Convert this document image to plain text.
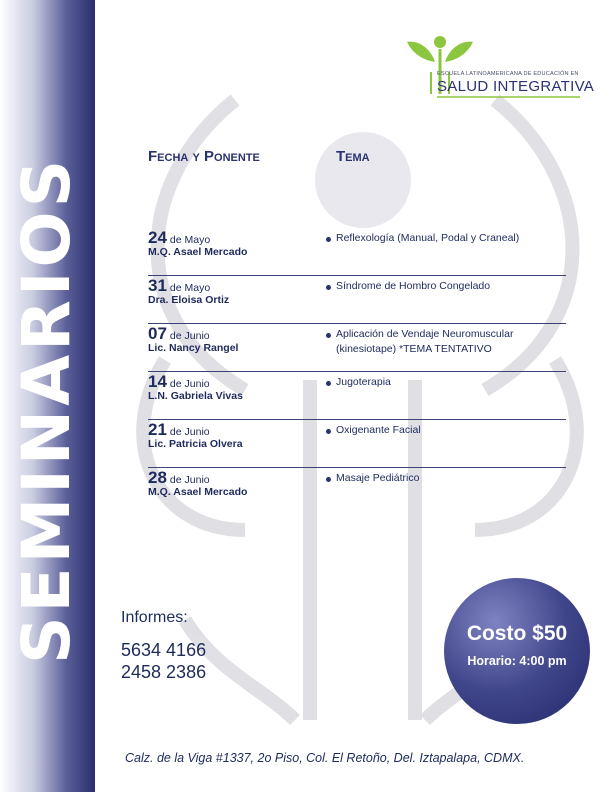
SEMINARIOS
ESCUELA LATINOAMERICANA DE EDUCACIÓN EN
SALUD INTEGRATIVA
Fecha y Ponente	Tema
24 de Mayo
M.Q. Asael Mercado
Reflexología (Manual, Podal y Craneal)
31 de Mayo
Dra. Eloisa Ortiz
Síndrome de Hombro Congelado
07 de Junio
Lic. Nancy Rangel
Aplicación de Vendaje Neuromuscular (kinesiotape) *TEMA TENTATIVO
14 de Junio
L.N. Gabriela Vivas
Jugoterapia
21 de Junio
Lic. Patricia Olvera
Oxigenante Facial
28 de Junio
M.Q. Asael Mercado
Masaje Pediátrico
Informes:
5634 4166
2458 2386
Costo $50
Horario: 4:00 pm
Calz. de la Viga #1337, 2o Piso, Col. El Retoño, Del. Iztapalapa, CDMX.
